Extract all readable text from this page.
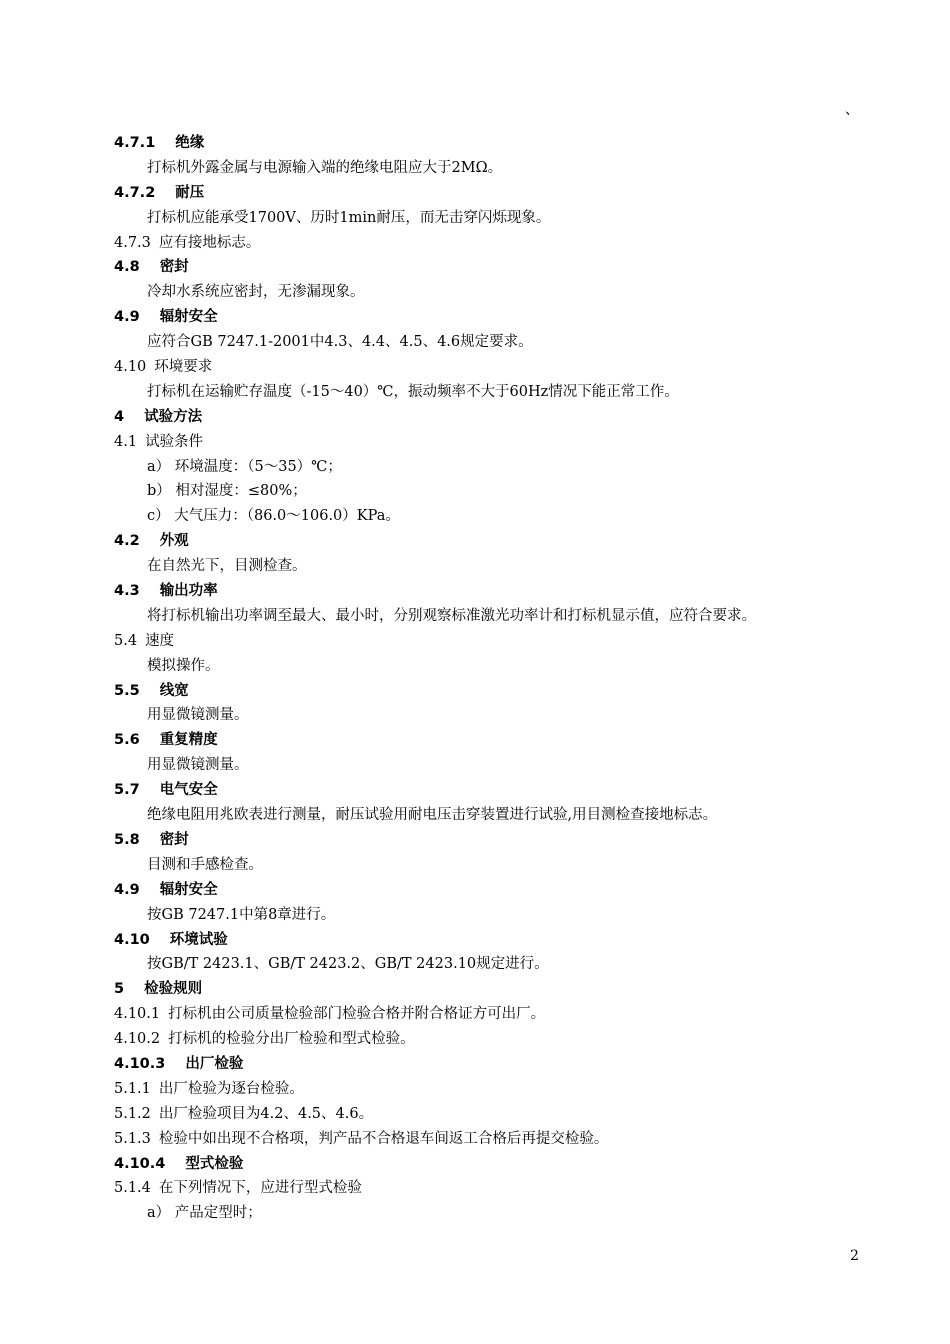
、
4.7.1 绝缘
打标机外露金属与电源输入端的绝缘电阻应大于2MΩ。
4.7.2 耐压
打标机应能承受1700V、历时1min耐压，而无击穿闪烁现象。
4.7.3 应有接地标志。
4.8 密封
冷却水系统应密封，无渗漏现象。
4.9 辐射安全
应符合GB 7247.1-2001中4.3、4.4、4.5、4.6规定要求。
4.10 环境要求
打标机在运输贮存温度（-15～40）℃，振动频率不大于60Hz情况下能正常工作。
4 试验方法
4.1 试验条件
a） 环境温度：（5～35）℃；
b） 相对湿度：≤80%；
c） 大气压力：（86.0～106.0）KPa。
4.2 外观
在自然光下，目测检查。
4.3 输出功率
将打标机输出功率调至最大、最小时，分别观察标准激光功率计和打标机显示值，应符合要求。
5.4 速度
模拟操作。
5.5 线宽
用显微镜测量。
5.6 重复精度
用显微镜测量。
5.7 电气安全
绝缘电阻用兆欧表进行测量，耐压试验用耐电压击穿装置进行试验,用目测检查接地标志。
5.8 密封
目测和手感检查。
4.9 辐射安全
按GB 7247.1中第8章进行。
4.10 环境试验
按GB/T 2423.1、GB/T 2423.2、GB/T 2423.10规定进行。
5 检验规则
4.10.1 打标机由公司质量检验部门检验合格并附合格证方可出厂。
4.10.2 打标机的检验分出厂检验和型式检验。
4.10.3 出厂检验
5.1.1 出厂检验为逐台检验。
5.1.2 出厂检验项目为4.2、4.5、4.6。
5.1.3 检验中如出现不合格项，判产品不合格退车间返工合格后再提交检验。
4.10.4 型式检验
5.1.4 在下列情况下，应进行型式检验
a） 产品定型时；
2
